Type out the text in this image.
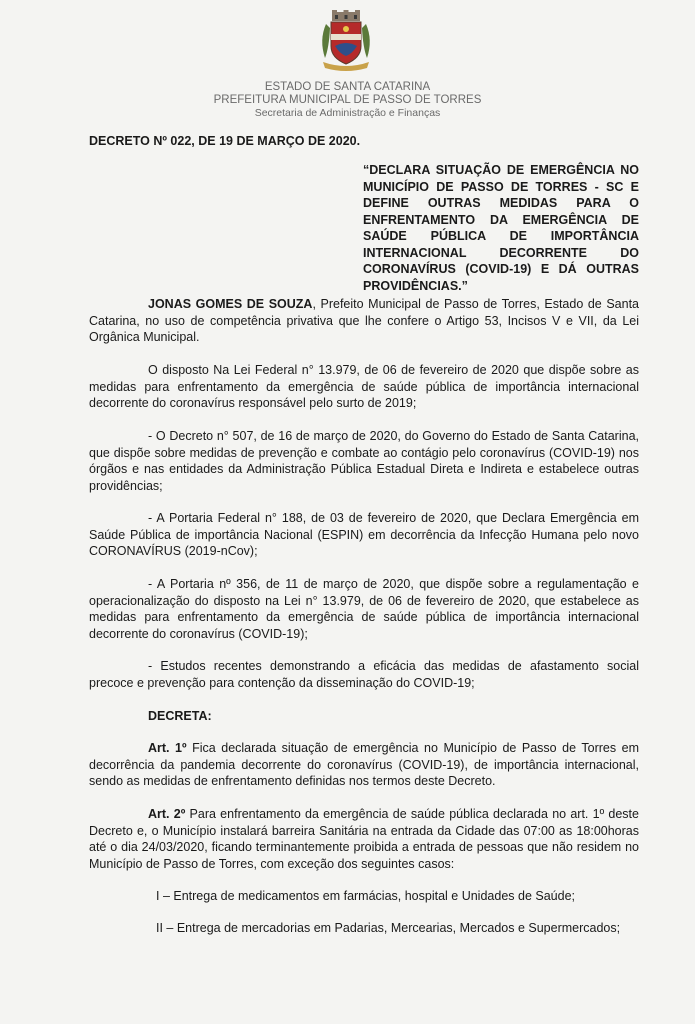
ESTADO DE SANTA CATARINA
PREFEITURA MUNICIPAL DE PASSO DE TORRES
Secretaria de Administração e Finanças
DECRETO Nº 022, DE 19 DE MARÇO DE 2020.
“DECLARA SITUAÇÃO DE EMERGÊNCIA NO MUNICÍPIO DE PASSO DE TORRES - SC E DEFINE OUTRAS MEDIDAS PARA O ENFRENTAMENTO DA EMERGÊNCIA DE SAÚDE PÚBLICA DE IMPORTÂNCIA INTERNACIONAL DECORRENTE DO CORONAVÍRUS (COVID-19) E DÁ OUTRAS PROVIDÊNCIAS.”
JONAS GOMES DE SOUZA, Prefeito Municipal de Passo de Torres, Estado de Santa Catarina, no uso de competência privativa que lhe confere o Artigo 53, Incisos V e VII, da Lei Orgânica Municipal.
O disposto Na Lei Federal n° 13.979, de 06 de fevereiro de 2020 que dispõe sobre as medidas para enfrentamento da emergência de saúde pública de importância internacional decorrente do coronavírus responsável pelo surto de 2019;
- O Decreto n° 507, de 16 de março de 2020, do Governo do Estado de Santa Catarina, que dispõe sobre medidas de prevenção e combate ao contágio pelo coronavírus (COVID-19) nos órgãos e nas entidades da Administração Pública Estadual Direta e Indireta e estabelece outras providências;
- A Portaria Federal n° 188, de 03 de fevereiro de 2020, que Declara Emergência em Saúde Pública de importância Nacional (ESPIN) em decorrência da Infecção Humana pelo novo CORONAVÍRUS (2019-nCov);
- A Portaria nº 356, de 11 de março de 2020, que dispõe sobre a regulamentação e operacionalização do disposto na Lei n° 13.979, de 06 de fevereiro de 2020, que estabelece as medidas para enfrentamento da emergência de saúde pública de importância internacional decorrente do coronavírus (COVID-19);
- Estudos recentes demonstrando a eficácia das medidas de afastamento social precoce e prevenção para contenção da disseminação do COVID-19;
DECRETA:
Art. 1º Fica declarada situação de emergência no Município de Passo de Torres em decorrência da pandemia decorrente do coronavírus (COVID-19), de importância internacional, sendo as medidas de enfrentamento definidas nos termos deste Decreto.
Art. 2º Para enfrentamento da emergência de saúde pública declarada no art. 1º deste Decreto e, o Município instalará barreira Sanitária na entrada da Cidade das 07:00 as 18:00horas até o dia 24/03/2020, ficando terminantemente proibida a entrada de pessoas que não residem no Município de Passo de Torres, com exceção dos seguintes casos:
I – Entrega de medicamentos em farmácias, hospital e Unidades de Saúde;
II – Entrega de mercadorias em Padarias, Mercearias, Mercados e Supermercados;
